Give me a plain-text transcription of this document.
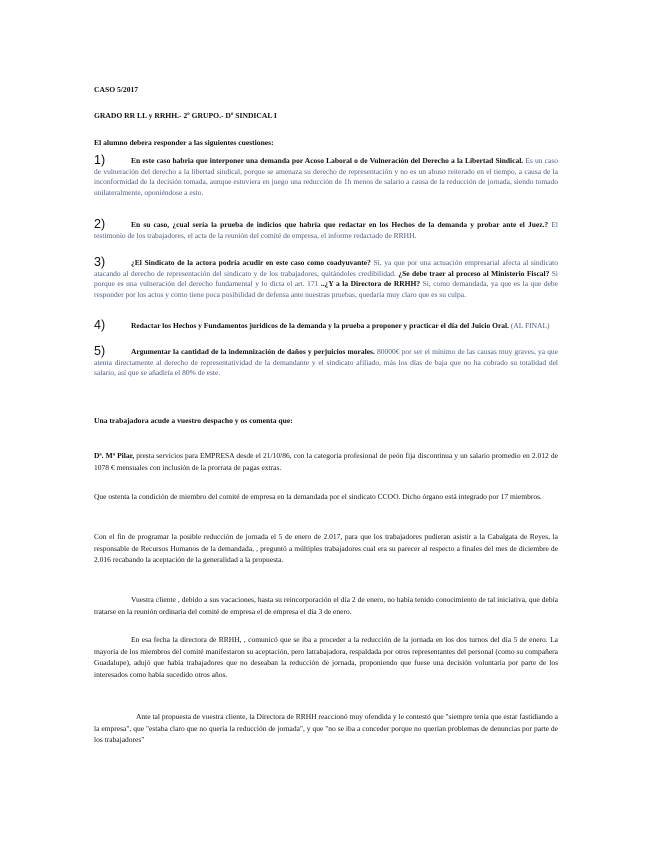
CASO 5/2017
GRADO RR LL y RRHH.- 2º GRUPO.- Dº SINDICAL I
El alumno debera responder a las siguientes cuestiones:
1)	En este caso habria que interponer una demanda por Acoso Laboral o de Vulneración del Derecho a la Libertad Sindical. Es un caso de vulneración del derecho a la libertad sindical, porque se amenaza su derecho de representación y no es un abuso reiterado en el tiempo, a causa de la inconformidad de la decisión tomada, aunque estuviera en juego una reducción de 1h menos de salario a causa de la reducción de jornada, siendo tomado unilateralmente, oponiéndose a esto.
2)	En su caso, ¿cual sería la prueba de indicios que habría que redactar en los Hechos de la demanda y probar ante el Juez.? El testimonio de los trabajadores, el acta de la reunión del comité de empresa, el informe redactado de RRHH.
3)	¿El Sindicato de la actora podría acudir en este caso como coadyuvante? Si, ya que por una actuación empresarial afecta al sindicato atacando al derecho de representación del sindicato y de los trabajadores, quitándoles credibilidad. ¿Se debe traer al proceso al Ministerio Fiscal? Si porque es una vulneración del derecho fundamental y lo dicta el art. 171 ..¿Y a la Directora de RRHH? Si, como demandada, ya que es la que debe responder por los actos y como tiene poca posibilidad de defensa ante nuestras pruebas, quedaría muy claro que es su culpa.
4)	Redactar los Hechos y Fundamentos juridicos de la demanda y la prueba a proponer y practicar el día del Juicio Oral. (AL FINAL)
5)	Argumentar la cantidad de la indemnización de daños y perjuicios morales. 80000€ por ser el mínimo de las causas muy graves, ya que atenta directamente al derecho de representatividad de la demandante y el sindicato afiliado, más los días de baja que no ha cobrado su totalidad del salario, así que se añadiría el 80% de este.
Una trabajadora acude a vuestro despacho y os comenta que:
Dª. Mª Pilar, presta servicios para EMPRESA desde el 21/10/86, con la categoría profesional de peón fija discontinua y un salario promedio en 2.012 de 1078 € mensuales con inclusión de la prorrata de pagas extras.
Que ostenta la condición de miembro del comité de empresa en la demandada por el sindicato CCOO. Dicho órgano está integrado por 17 miembros.
Con el fin de programar la posible reducción de jornada el 5 de enero de 2.017, para que los trabajadores pudieran asistir a la Cabalgata de Reyes, la responsable de Recursos Humanos de la demandada, , preguntó a múltiples trabajadores cual era su parecer al respecto a finales del mes de diciembre de 2.016 recabando la aceptación de la generalidad a la propuesta.
Vuestra cliente , debido a sus vacaciones, hasta su reincorporación el día 2 de enero, no había tenido conocimiento de tal iniciativa, que debía tratarse en la reunión ordinaria del comité de empresa el de empresa el día 3 de enero.
En esa fecha la directora de RRHH, , comunicó que se iba a proceder a la reducción de la jornada en los dos turnos del día 5 de enero. La mayoría de los miembros del comité manifestaron su aceptación, pero latrabajadora, respaldada por otros representantes del personal (como su compañera Guadalupe), adujó que había trabajadores que no deseaban la reducción de jornada, proponiendo que fuese una decisión voluntaria por parte de los interesados como había sucedido otros años.
Ante tal propuesta de vuestra cliente, la Directora de RRHH reaccionó muy ofendida y le contestó que "siempre tenía que estar fastidiando a la empresa", que "estaba claro que no quería la reducción de jornada", y que "no se iba a conceder porque no querían problemas de denuncias por parte de los trabajadores"
